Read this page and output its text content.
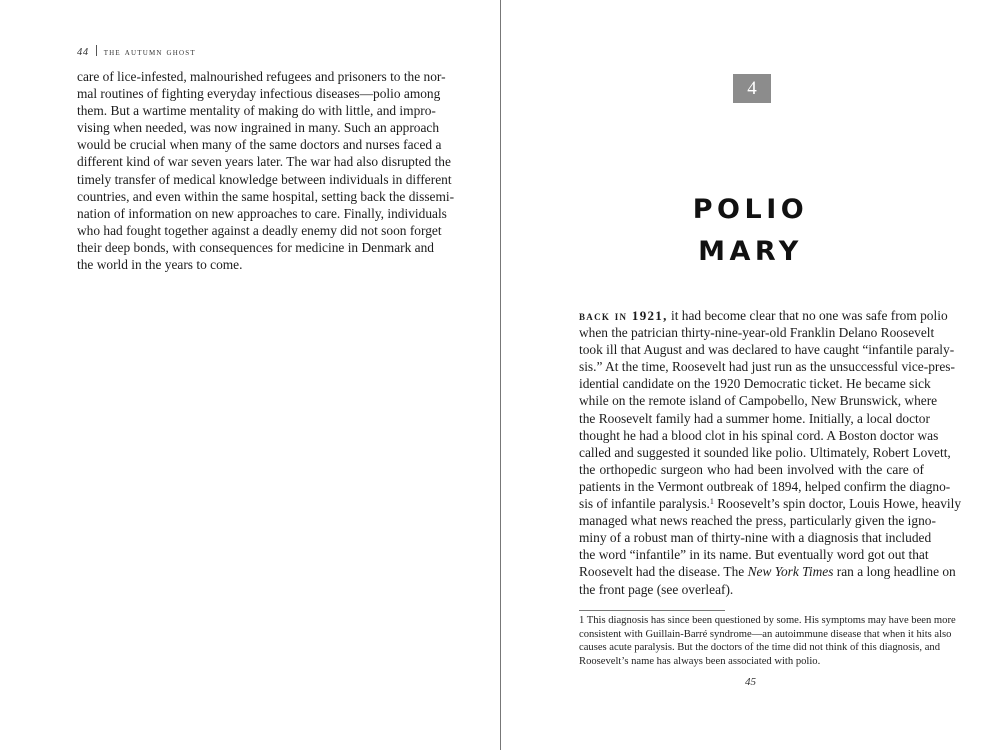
44 the autumn ghost
care of lice-infested, malnourished refugees and prisoners to the nor-
mal routines of fighting everyday infectious diseases—polio among
them. But a wartime mentality of making do with little, and impro-
vising when needed, was now ingrained in many. Such an approach
would be crucial when many of the same doctors and nurses faced a
different kind of war seven years later. The war had also disrupted the
timely transfer of medical knowledge between individuals in different
countries, and even within the same hospital, setting back the dissemi-
nation of information on new approaches to care. Finally, individuals
who had fought together against a deadly enemy did not soon forget
their deep bonds, with consequences for medicine in Denmark and
the world in the years to come.
4
POLIO
MARY
back in 1921, it had become clear that no one was safe from polio
when the patrician thirty-nine-year-old Franklin Delano Roosevelt
took ill that August and was declared to have caught “infantile paraly-
sis.” At the time, Roosevelt had just run as the unsuccessful vice-pres-
idential candidate on the 1920 Democratic ticket. He became sick
while on the remote island of Campobello, New Brunswick, where
the Roosevelt family had a summer home. Initially, a local doctor
thought he had a blood clot in his spinal cord. A Boston doctor was
called and suggested it sounded like polio. Ultimately, Robert Lovett,
the orthopedic surgeon who had been involved with the care of
patients in the Vermont outbreak of 1894, helped confirm the diagno-
sis of infantile paralysis.$^1$ Roosevelt’s spin doctor, Louis Howe, heavily
managed what news reached the press, particularly given the igno-
miny of a robust man of thirty-nine with a diagnosis that included
the word “infantile” in its name. But eventually word got out that
Roosevelt had the disease. The New York Times ran a long headline on
the front page (see overleaf).
1 This diagnosis has since been questioned by some. His symptoms may have been more
consistent with Guillain-Barré syndrome—an autoimmune disease that when it hits also
causes acute paralysis. But the doctors of the time did not think of this diagnosis, and
Roosevelt’s name has always been associated with polio.
45
